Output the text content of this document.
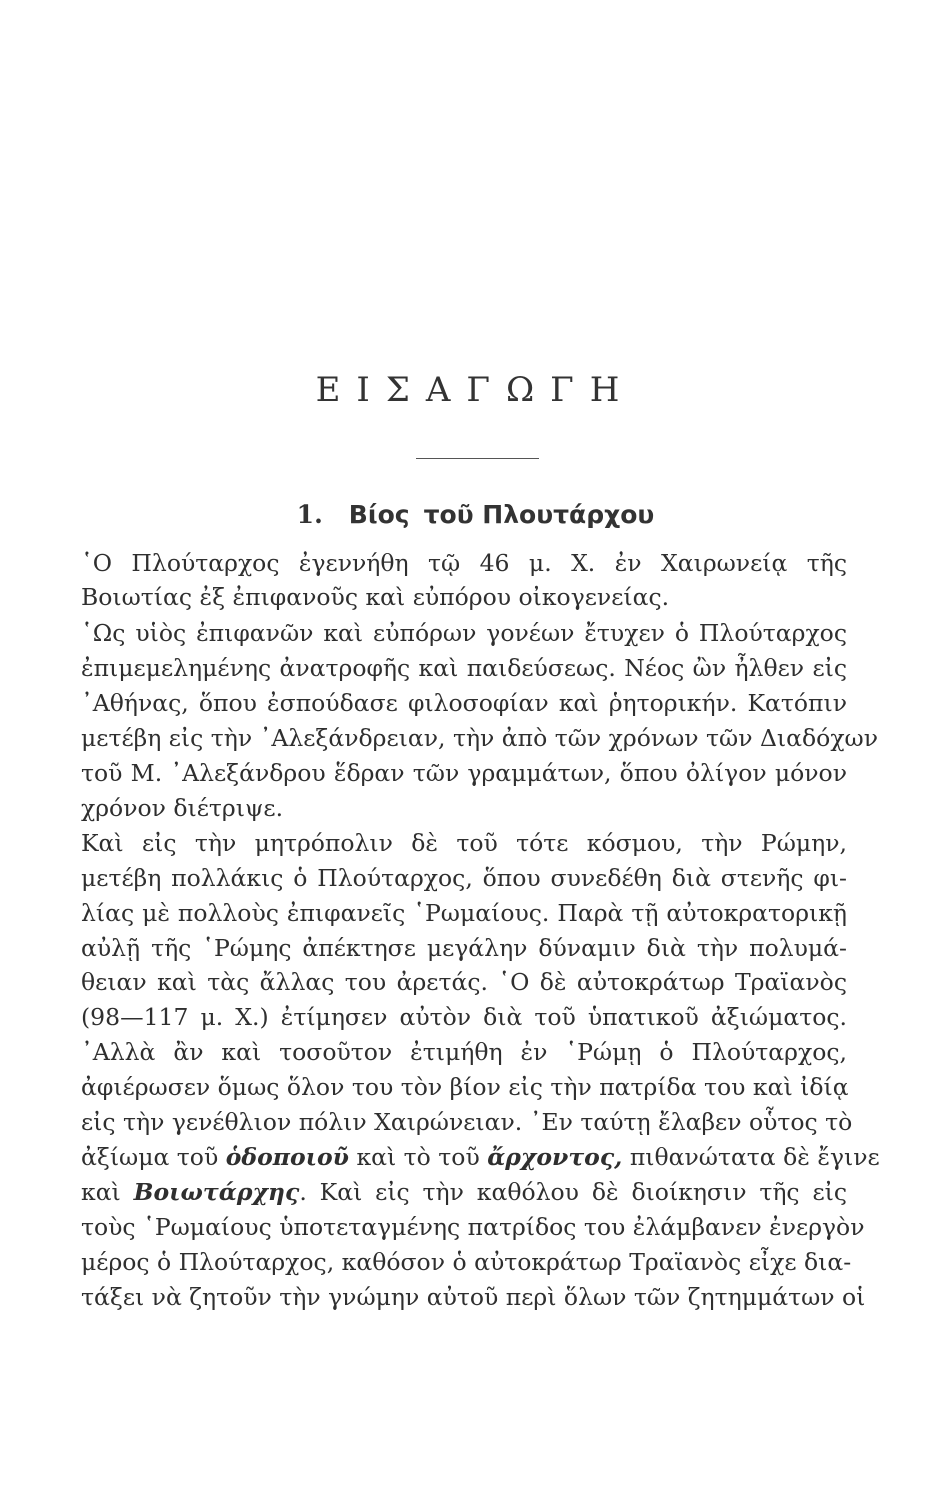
ΕΙΣΑΓΩΓΗ
1. Βίος τοῦ Πλουτάρχου
῾Ο Πλούταρχος ἐγεννήθη τῷ 46 μ. Χ. ἐν Χαιρωνείᾳ τῆς
Βοιωτίας ἐξ ἐπιφανοῦς καὶ εὐπόρου οἰκογενείας.
῾Ως υἱὸς ἐπιφανῶν καὶ εὐπόρων γονέων ἔτυχεν ὁ Πλούταρχος
ἐπιμεμελημένης ἀνατροφῆς καὶ παιδεύσεως. Νέος ὢν ἦλθεν εἰς
᾿Αθήνας, ὅπου ἐσπούδασε φιλοσοφίαν καὶ ῥητορικήν. Κατόπιν
μετέβη εἰς τὴν ᾿Αλεξάνδρειαν, τὴν ἀπὸ τῶν χρόνων τῶν Διαδόχων
τοῦ Μ. ᾿Αλεξάνδρου ἕδραν τῶν γραμμάτων, ὅπου ὀλίγον μόνον
χρόνον διέτριψε.
Καὶ εἰς τὴν μητρόπολιν δὲ τοῦ τότε κόσμου, τὴν Ρώμην,
μετέβη πολλάκις ὁ Πλούταρχος, ὅπου συνεδέθη διὰ στενῆς φι-
λίας μὲ πολλοὺς ἐπιφανεῖς ῾Ρωμαίους. Παρὰ τῇ αὐτοκρατορικῇ
αὐλῇ τῆς ῾Ρώμης ἀπέκτησε μεγάλην δύναμιν διὰ τὴν πολυμά-
θειαν καὶ τὰς ἄλλας του ἀρετάς. ῾Ο δὲ αὐτοκράτωρ Τραϊανὸς
(98—117 μ. Χ.) ἐτίμησεν αὐτὸν διὰ τοῦ ὑπατικοῦ ἀξιώματος.
᾿Αλλὰ ἂν καὶ τοσοῦτον ἐτιμήθη ἐν ῾Ρώμῃ ὁ Πλούταρχος,
ἀφιέρωσεν ὅμως ὅλον του τὸν βίον εἰς τὴν πατρίδα του καὶ ἰδίᾳ
εἰς τὴν γενέθλιον πόλιν Χαιρώνειαν. ᾿Εν ταύτῃ ἔλαβεν οὗτος τὸ
ἀξίωμα τοῦ ὁδοποιοῦ καὶ τὸ τοῦ ἄρχοντος, πιθανώτατα δὲ ἔγινε
καὶ Βοιωτάρχης. Καὶ εἰς τὴν καθόλου δὲ διοίκησιν τῆς εἰς
τοὺς ῾Ρωμαίους ὑποτεταγμένης πατρίδος του ἐλάμβανεν ἐνεργὸν
μέρος ὁ Πλούταρχος, καθόσον ὁ αὐτοκράτωρ Τραϊανὸς εἶχε δια-
τάξει νὰ ζητοῦν τὴν γνώμην αὐτοῦ περὶ ὅλων τῶν ζητημμάτων οἱ
